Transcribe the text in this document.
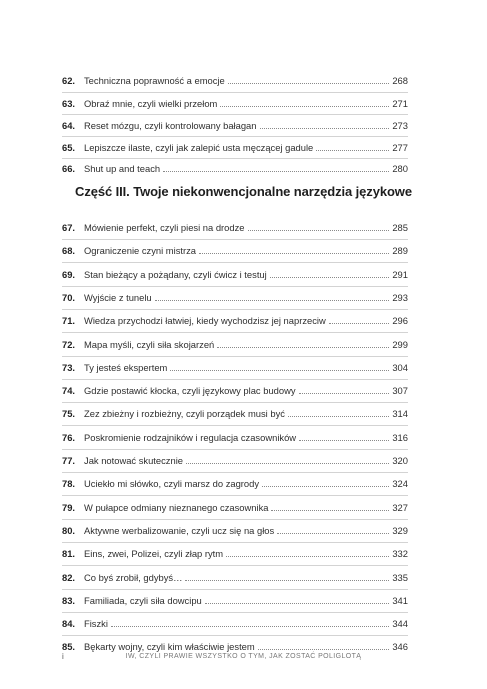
62. Techniczna poprawność a emocje	268
63. Obraź mnie, czyli wielki przełom	271
64. Reset mózgu, czyli kontrolowany bałagan	273
65. Lepiszcze ilaste, czyli jak zalepić usta męczącej gadule	277
66. Shut up and teach	280
Część III. Twoje niekonwencjonalne narzędzia językowe
67. Mówienie perfekt, czyli piesi na drodze	285
68. Ograniczenie czyni mistrza	289
69. Stan bieżący a pożądany, czyli ćwicz i testuj	291
70. Wyjście z tunelu	293
71. Wiedza przychodzi łatwiej, kiedy wychodzisz jej naprzeciw	296
72. Mapa myśli, czyli siła skojarzeń	299
73. Ty jesteś ekspertem	304
74. Gdzie postawić kłocka, czyli językowy plac budowy	307
75. Zez zbieżny i rozbieżny, czyli porządek musi być	314
76. Poskromienie rodzajników i regulacja czasowników	316
77. Jak notować skutecznie	320
78. Uciekło mi słówko, czyli marsz do zagrody	324
79. W pułapce odmiany nieznanego czasownika	327
80. Aktywne werbalizowanie, czyli ucz się na głos	329
81. Eins, zwei, Polizei, czyli złap rytm	332
82. Co byś zrobił, gdybyś…	335
83. Familiada, czyli siła dowcipu	341
84. Fiszki	344
85. Bękarty wojny, czyli kim właściwie jestem	346
i	IW, CZYLI PRAWIE WSZYSTKO O TYM, JAK ZOSTAĆ POLIGLOTĄ
